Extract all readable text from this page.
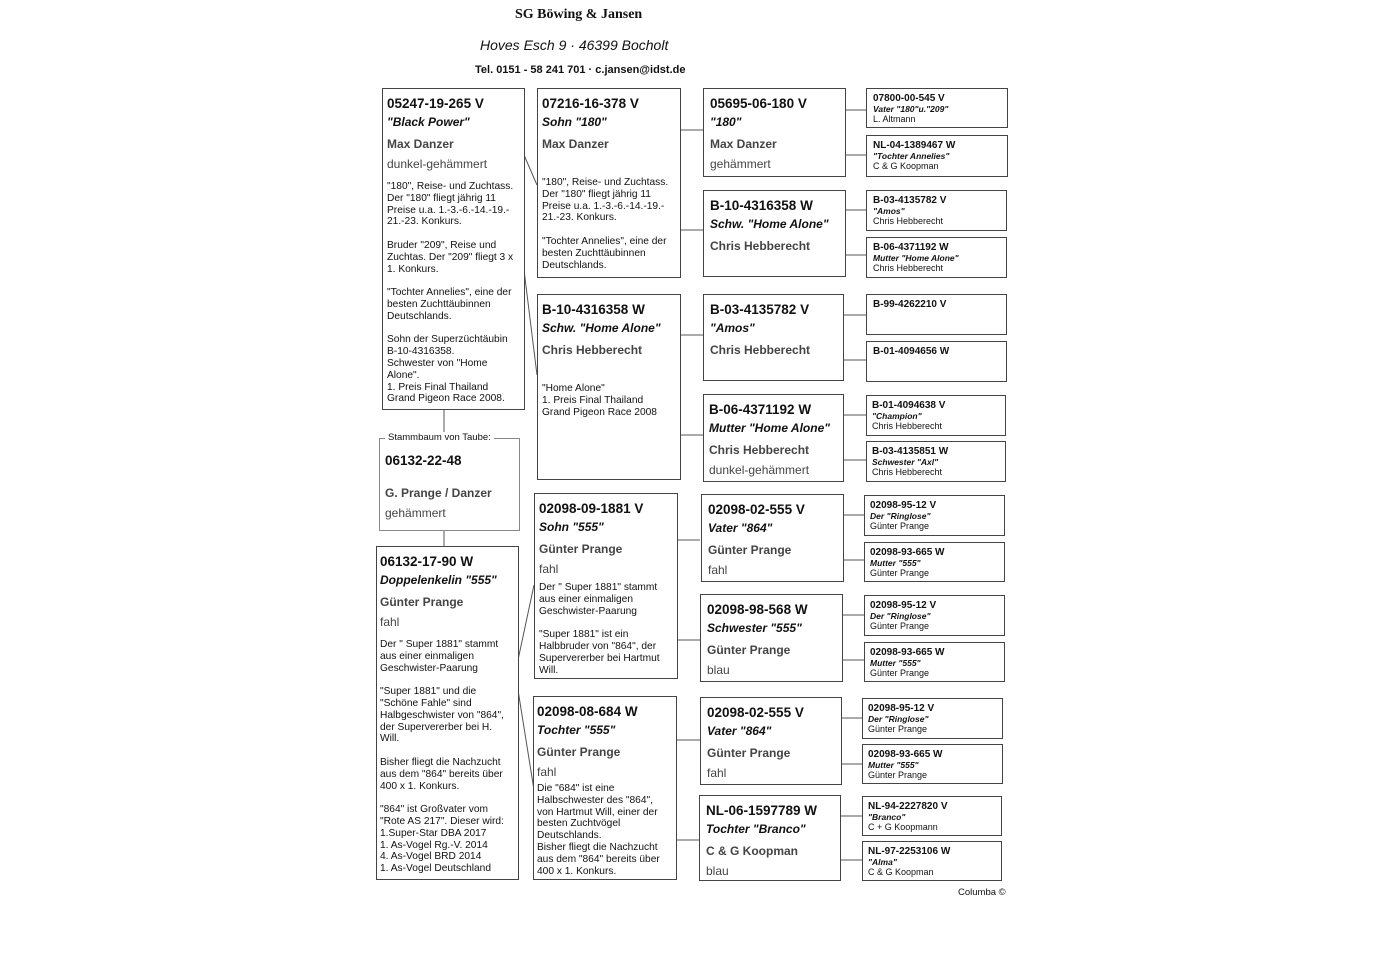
SG Böwing & Jansen
Hoves Esch 9 · 46399 Bocholt
Tel. 0151 - 58 241 701 · c.jansen@idst.de
05247-19-265 V
"Black Power"
Max Danzer
dunkel-gehämmert
"180", Reise- und Zuchtass.
Der "180" fliegt jährig 11
Preise u.a. 1.-3.-6.-14.-19.-
21.-23. Konkurs.

Bruder "209", Reise und
Zuchtas. Der "209" fliegt 3 x
1. Konkurs.

"Tochter Annelies", eine der
besten Zuchttäubinnen
Deutschlands.

Sohn der Superzüchtäubin
B-10-4316358.
Schwester von "Home
Alone".
1. Preis Final Thailand
Grand Pigeon Race 2008.
06132-22-48
G. Prange / Danzer
gehämmert
Stammbaum von Taube:
06132-17-90 W
Doppelenkelin "555"
Günter Prange
fahl
Der " Super 1881" stammt
aus einer einmaligen
Geschwister-Paarung

"Super 1881" und die
"Schöne Fahle" sind
Halbgeschwister von "864",
der Supervererber bei H.
Will.

Bisher fliegt die Nachzucht
aus dem "864" bereits über
400 x 1. Konkurs.

"864" ist Großvater vom
"Rote AS 217". Dieser wird:
1.Super-Star DBA 2017
1. As-Vogel Rg.-V. 2014
4. As-Vogel BRD 2014
1. As-Vogel Deutschland
07216-16-378 V
Sohn "180"
Max Danzer
"180", Reise- und Zuchtass.
Der "180" fliegt jährig 11
Preise u.a. 1.-3.-6.-14.-19.-
21.-23. Konkurs.

"Tochter Annelies", eine der
besten Zuchttäubinnen
Deutschlands.
B-10-4316358 W
Schw. "Home Alone"
Chris Hebberecht
"Home Alone"
1. Preis Final Thailand
Grand Pigeon Race 2008
02098-09-1881 V
Sohn "555"
Günter Prange
fahl
Der " Super 1881" stammt
aus einer einmaligen
Geschwister-Paarung

"Super 1881" ist ein
Halbbruder von "864", der
Supervererber bei Hartmut
Will.
02098-08-684 W
Tochter "555"
Günter Prange
fahl
Die "684" ist eine
Halbschwester des "864",
von Hartmut Will, einer der
besten Zuchtvögel
Deutschlands.
Bisher fliegt die Nachzucht
aus dem "864" bereits über
400 x 1. Konkurs.
05695-06-180 V
"180"
Max Danzer
gehämmert
B-10-4316358 W
Schw. "Home Alone"
Chris Hebberecht
B-03-4135782 V
"Amos"
Chris Hebberecht
B-06-4371192 W
Mutter "Home Alone"
Chris Hebberecht
dunkel-gehämmert
02098-02-555 V
Vater "864"
Günter Prange
fahl
02098-98-568 W
Schwester "555"
Günter Prange
blau
02098-02-555 V
Vater "864"
Günter Prange
fahl
NL-06-1597789 W
Tochter "Branco"
C & G Koopman
blau
07800-00-545 V
Vater "180"u."209"
L. Altmann
NL-04-1389467 W
"Tochter Annelies"
C & G Koopman
B-03-4135782 V
"Amos"
Chris Hebberecht
B-06-4371192 W
Mutter "Home Alone"
Chris Hebberecht
B-99-4262210 V
B-01-4094656 W
B-01-4094638 V
"Champion"
Chris Hebberecht
B-03-4135851 W
Schwester "Axl"
Chris Hebberecht
02098-95-12 V
Der "Ringlose"
Günter Prange
02098-93-665 W
Mutter "555"
Günter Prange
02098-95-12 V
Der "Ringlose"
Günter Prange
02098-93-665 W
Mutter "555"
Günter Prange
02098-95-12 V
Der "Ringlose"
Günter Prange
02098-93-665 W
Mutter "555"
Günter Prange
NL-94-2227820 V
"Branco"
C + G Koopmann
NL-97-2253106 W
"Alma"
C & G Koopman
Columba ©
